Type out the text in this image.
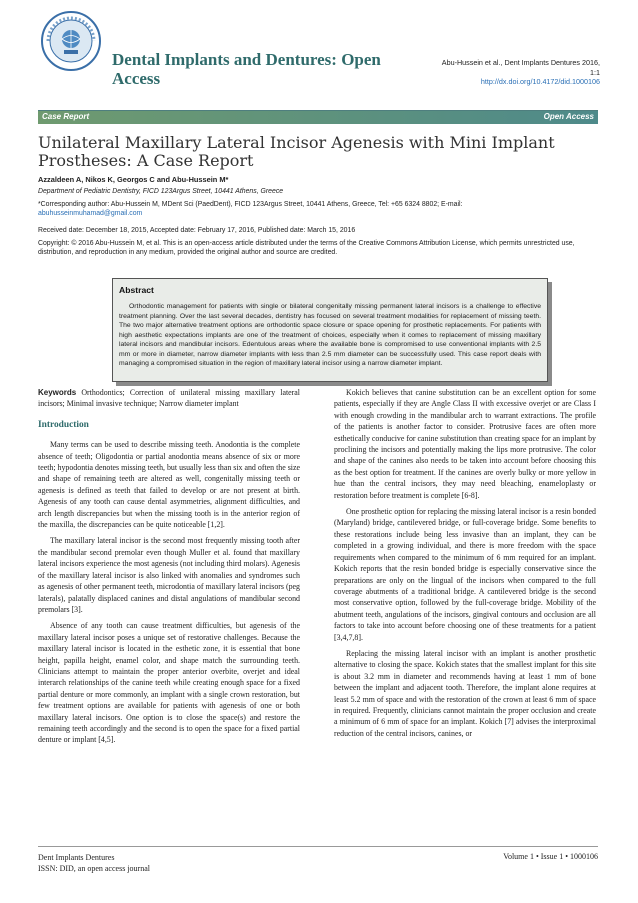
Dental Implants and Dentures: Open Access
Abu-Hussein et al., Dent Implants Dentures 2016,
1:1
http://dx.doi.org/10.4172/did.1000106
Case Report	Open Access
Unilateral Maxillary Lateral Incisor Agenesis with Mini Implant Prostheses: A Case Report
Azzaldeen A, Nikos K, Georgos C and Abu-Hussein M*
Department of Pediatric Dentistry, FICD 123Argus Street, 10441 Athens, Greece
*Corresponding author: Abu-Hussein M, MDent Sci (PaedDent), FICD 123Argus Street, 10441 Athens, Greece, Tel: +65 6324 8802; E-mail:
abuhusseinmuhamad@gmail.com
Received date: December 18, 2015, Accepted date: February 17, 2016, Published date: March 15, 2016
Copyright: © 2016 Abu-Hussein M, et al. This is an open-access article distributed under the terms of the Creative Commons Attribution License, which permits unrestricted use, distribution, and reproduction in any medium, provided the original author and source are credited.
Abstract

Orthodontic management for patients with single or bilateral congenitally missing permanent lateral incisors is a challenge to effective treatment planning. Over the last several decades, dentistry has focused on several treatment modalities for replacement of missing teeth. The two major alternative treatment options are orthodontic space closure or space opening for prosthetic replacements. For patients with high aesthetic expectations implants are one of the treatment of choices, especially when it comes to replacement of missing maxillary lateral incisors and mandibular incisors. Edentulous areas where the available bone is compromised to use conventional implants with 2.5 mm or more in diameter, narrow diameter implants with less than 2.5 mm diameter can be successfully used. This case report deals with managing a compromised situation in the region of maxillary lateral incisor using a narrow diameter implant.

Keywords Orthodontics; Correction of unilateral missing maxillary lateral incisors; Minimal invasive technique; Narrow diameter implant

Introduction

Many terms can be used to describe missing teeth. Anodontia is the complete absence of teeth; Oligodontia or partial anodontia means absence of six or more teeth; hypodontia denotes missing teeth, but usually less than six and often the size and shape of remaining teeth are altered as well, congenitally missing teeth or agenesis is defined as teeth that failed to develop or are not present at birth. Agenesis of any tooth can cause dental asymmetries, alignment difficulties, and arch length discrepancies but when the missing tooth is in the anterior region of the maxilla, the discrepancies can be quite noticeable [1,2].

The maxillary lateral incisor is the second most frequently missing tooth after the mandibular second premolar even though Muller et al. found that maxillary lateral incisors experience the most agenesis (not including third molars). Agenesis of the maxillary lateral incisor is also linked with anomalies and syndromes such as agenesis of other permanent teeth, microdontia of maxillary lateral incisors (peg laterals), palatally displaced canines and distal angulations of mandibular second premolars [3].

Absence of any tooth can cause treatment difficulties, but agenesis of the maxillary lateral incisor poses a unique set of restorative challenges. Because the maxillary lateral incisor is located in the esthetic zone, it is essential that bone height, papilla height, enamel color, and shape match the surrounding teeth. Clinicians attempt to maintain the proper anterior overbite, overjet and ideal interarch relationships of the canine teeth while creating enough space for a fixed partial denture or more commonly, an implant with a single crown restoration, but few treatment options are available for patients with agenesis of one or both maxillary lateral incisors. One option is to close the space(s) and restore the remaining teeth accordingly and the second is to open the space for a fixed partial denture or implant [4,5].

Kokich believes that canine substitution can be an excellent option for some patients, especially if they are Angle Class II with excessive overjet or are Class I with enough crowding in the mandibular arch to warrant extractions. The profile of the patients is another factor to consider. Protrusive faces are often more esthetically conducive for canine substitution than creating space for an implant by proclining the incisors and potentially making the lips more protrusive. The color and shape of the canines also needs to be taken into account before choosing this as the best option for treatment. If the canines are overly bulky or more yellow in hue than the central incisors, they may need bleaching, enameloplasty or restoration before treatment is complete [6-8].

One prosthetic option for replacing the missing lateral incisor is a resin bonded (Maryland) bridge, cantilevered bridge, or full-coverage bridge. Some benefits to these restorations include being less invasive than an implant, they can be completed in a growing individual, and there is more freedom with the space requirements when compared to the minimum of 6 mm required for an implant. Kokich reports that the resin bonded bridge is especially conservative since the preparations are only on the lingual of the incisors when compared to the full coverage abutments of a traditional bridge. A cantilevered bridge is the second most conservative option, followed by the full-coverage bridge. Mobility of the abutment teeth, angulations of the incisors, gingival contours and occlusion are all factors to take into account before choosing one of these treatments for a patient [3,4,7,8].

Replacing the missing lateral incisor with an implant is another prosthetic alternative to closing the space. Kokich states that the smallest implant for this site is about 3.2 mm in diameter and recommends having at least 1 mm of bone between the implant and adjacent tooth. Therefore, the implant alone requires at least 5.2 mm of space and with the restoration of the crown at least 6 mm of space in required. Frequently, clinicians cannot maintain the proper occlusion and create a minimum of 6 mm of space for an implant. Kokich [7] advises the interproximal reduction of the central incisors, canines, or

Dent Implants Dentures
ISSN: DID, an open access journal
Volume 1 • Issue 1 • 1000106
